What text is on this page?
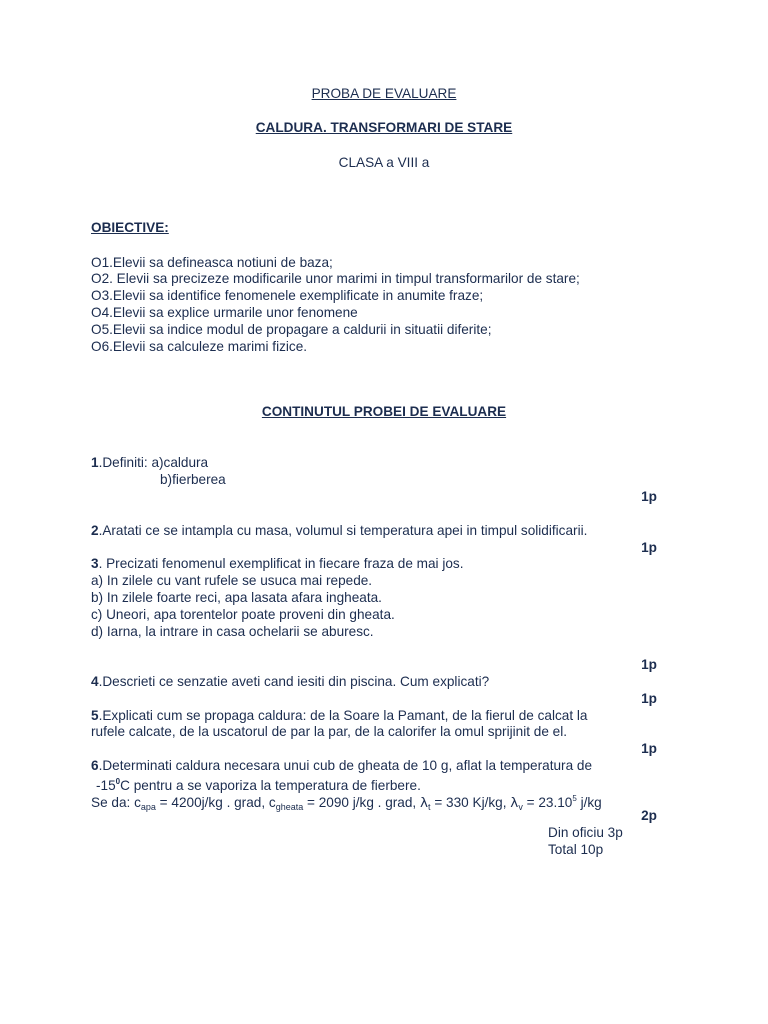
PROBA DE EVALUARE

CALDURA. TRANSFORMARI DE STARE

CLASA a VIII a

OBIECTIVE:

O1.Elevii sa defineasca notiuni de baza;

O2. Elevii sa precizeze modificarile unor marimi in timpul transformarilor de stare;

O3.Elevii sa identifice fenomenele exemplificate in anumite fraze;

O4.Elevii sa explice urmarile unor fenomene

O5.Elevii sa indice modul de propagare a caldurii in situatii diferite;

O6.Elevii sa calculeze marimi fizice.

CONTINUTUL PROBEI DE EVALUARE

1.Definiti: a)caldura

b)fierberea

1p

2.Aratati ce se intampla cu masa, volumul si temperatura apei in timpul solidificarii.

1p

3. Precizati fenomenul exemplificat in fiecare fraza de mai jos.

a) In zilele cu vant rufele se usuca mai repede.

b) In zilele foarte reci, apa lasata afara ingheata.

c) Uneori, apa torentelor poate proveni din gheata.

d) Iarna, la intrare in casa ochelarii se aburesc.

1p

4.Descrieti ce senzatie aveti cand iesiti din piscina. Cum explicati?

1p

5.Explicati cum se propaga caldura: de la Soare la Pamant, de la fierul de calcat la

rufele calcate, de la uscatorul de par la par, de la calorifer la omul sprijinit de el.

1p

6.Determinati caldura necesara unui cub de gheata de 10 g, aflat la temperatura de

$-15^0C$ pentru a se vaporiza la temperatura de fierbere.

Se da: $c_{apa} = 4200j/kg$ . grad, $c_{gheata} = 2090$ j/kg . grad, $\lambda_t = 330$ Kj/kg, $\lambda_v = 23.10^5$ j/kg

2p

Din oficiu 3p

Total 10p
